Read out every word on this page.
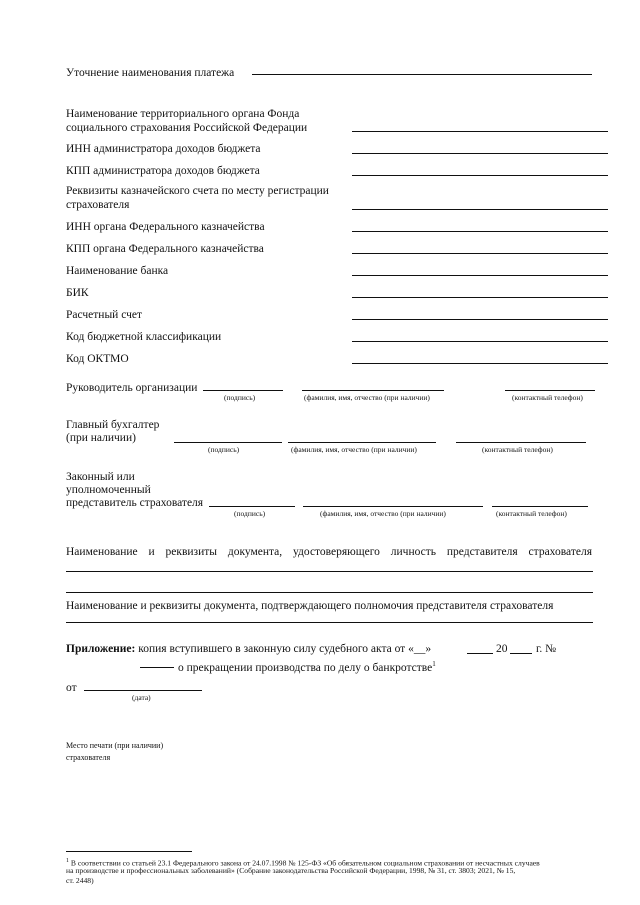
Уточнение наименования платежа
Наименование территориального органа Фонда социального страхования Российской Федерации
ИНН администратора доходов бюджета
КПП администратора доходов бюджета
Реквизиты казначейского счета по месту регистрации страхователя
ИНН органа Федерального казначейства
КПП органа Федерального казначейства
Наименование банка
БИК
Расчетный счет
Код бюджетной классификации
Код ОКТМО
Руководитель организации
(подпись)	(фамилия, имя, отчество (при наличии)	(контактный телефон)
Главный бухгалтер
(при наличии)
(подпись)	(фамилия, имя, отчество (при наличии)	(контактный телефон)
Законный или
уполномоченный
представитель страхователя
(подпись)	(фамилия, имя, отчество (при наличии)	(контактный телефон)
Наименование и реквизиты документа, удостоверяющего личность представителя страхователя
Наименование и реквизиты документа, подтверждающего полномочия представителя страхователя
Приложение: копия вступившего в законную силу судебного акта от «__»	20 г. №
о прекращении производства по делу о банкротстве$^1$
от
(дата)
Место печати (при наличии)
страхователя
$^1$ В соответствии со статьей 23.1 Федерального закона от 24.07.1998 № 125-ФЗ «Об обязательном социальном страховании от несчастных случаев
на производстве и профессиональных заболеваний» (Собрание законодательства Российской Федерации, 1998, № 31, ст. 3803; 2021, № 15,
ст. 2448)
